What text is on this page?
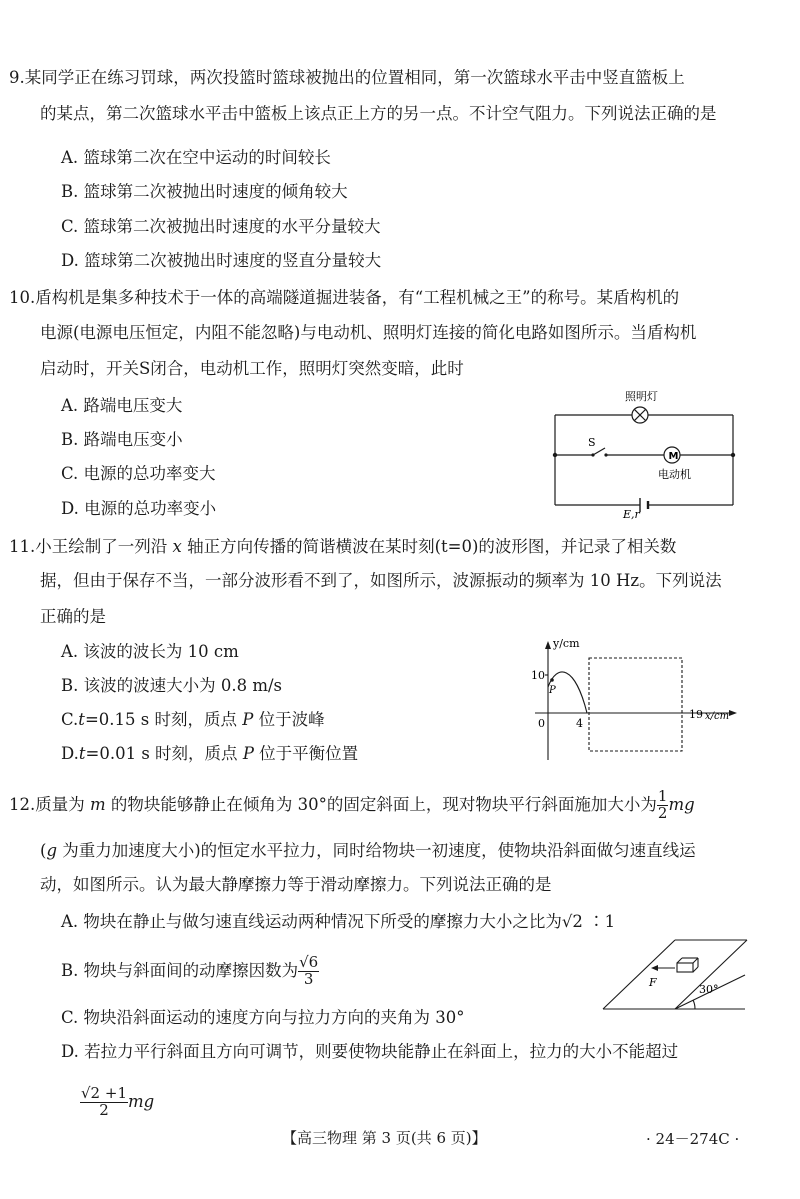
9.某同学正在练习罚球，两次投篮时篮球被抛出的位置相同，第一次篮球水平击中竖直篮板上
的某点，第二次篮球水平击中篮板上该点正上方的另一点。不计空气阻力。下列说法正确的是
A. 篮球第二次在空中运动的时间较长
B. 篮球第二次被抛出时速度的倾角较大
C. 篮球第二次被抛出时速度的水平分量较大
D. 篮球第二次被抛出时速度的竖直分量较大
10.盾构机是集多种技术于一体的高端隧道掘进装备，有“工程机械之王”的称号。某盾构机的
电源(电源电压恒定，内阻不能忽略)与电动机、照明灯连接的简化电路如图所示。当盾构机
启动时，开关S闭合，电动机工作，照明灯突然变暗，此时
A. 路端电压变大
B. 路端电压变小
C. 电源的总功率变大
D. 电源的总功率变小
照明灯
S
M
电动机
E,r
11.小王绘制了一列沿 x 轴正方向传播的简谐横波在某时刻(t=0)的波形图，并记录了相关数
据，但由于保存不当，一部分波形看不到了，如图所示，波源振动的频率为 10 Hz。下列说法
正确的是
A. 该波的波长为 10 cm
B. 该波的波速大小为 0.8 m/s
C.t=0.15 s 时刻，质点 P 位于波峰
D.t=0.01 s 时刻，质点 P 位于平衡位置
y/cm
10
0	4
19 x/cm
P
12.质量为 m 的物块能够静止在倾角为 30°的固定斜面上，现对物块平行斜面施加大小为 $\frac{1}{2}$ mg
(g 为重力加速度大小)的恒定水平拉力，同时给物块一初速度，使物块沿斜面做匀速直线运
动，如图所示。认为最大静摩擦力等于滑动摩擦力。下列说法正确的是
A. 物块在静止与做匀速直线运动两种情况下所受的摩擦力大小之比为√2 ∶1
B. 物块与斜面间的动摩擦因数为 $\frac{√6}{3}$
C. 物块沿斜面运动的速度方向与拉力方向的夹角为 30°
D. 若拉力平行斜面且方向可调节，则要使物块能静止在斜面上，拉力的大小不能超过
$\frac{√2 +1}{2}$ mg
F
30°
【高三物理 第 3 页(共 6 页)】	· 24－274C ·
